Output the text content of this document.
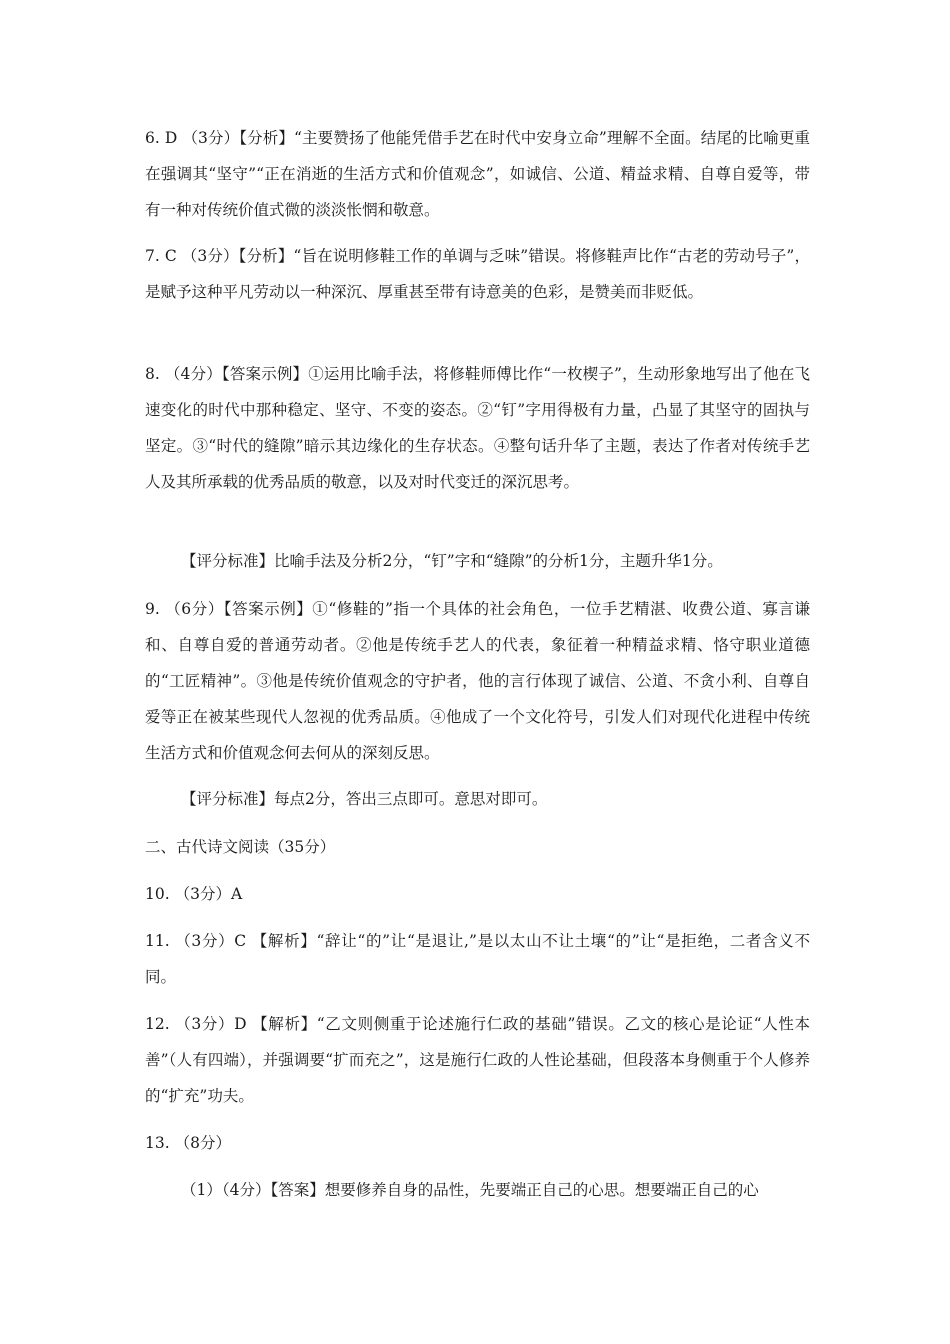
6. D （3分）【分析】“主要赞扬了他能凭借手艺在时代中安身立命”理解不全面。结尾的比喻更重在强调其“坚守”“正在消逝的生活方式和价值观念”，如诚信、公道、精益求精、自尊自爱等，带有一种对传统价值式微的淡淡怅惘和敬意。

7. C （3分）【分析】“旨在说明修鞋工作的单调与乏味”错误。将修鞋声比作“古老的劳动号子”，是赋予这种平凡劳动以一种深沉、厚重甚至带有诗意美的色彩，是赞美而非贬低。

8. （4分）【答案示例】①运用比喻手法，将修鞋师傅比作“一枚楔子”，生动形象地写出了他在飞速变化的时代中那种稳定、坚守、不变的姿态。②“钉”字用得极有力量，凸显了其坚守的固执与坚定。③“时代的缝隙”暗示其边缘化的生存状态。④整句话升华了主题，表达了作者对传统手艺人及其所承载的优秀品质的敬意，以及对时代变迁的深沉思考。

【评分标准】比喻手法及分析2分，“钉”字和“缝隙”的分析1分，主题升华1分。

9. （6分）【答案示例】①“修鞋的”指一个具体的社会角色，一位手艺精湛、收费公道、寡言谦和、自尊自爱的普通劳动者。②他是传统手艺人的代表，象征着一种精益求精、恪守职业道德的“工匠精神”。③他是传统价值观念的守护者，他的言行体现了诚信、公道、不贪小利、自尊自爱等正在被某些现代人忽视的优秀品质。④他成了一个文化符号，引发人们对现代化进程中传统生活方式和价值观念何去何从的深刻反思。

【评分标准】每点2分，答出三点即可。意思对即可。

二、古代诗文阅读（35分）

10. （3分）A

11. （3分）C 【解析】“辞让“的”让“是退让,”是以太山不让土壤“的”让“是拒绝，二者含义不同。

12. （3分）D 【解析】“乙文则侧重于论述施行仁政的基础”错误。乙文的核心是论证“人性本善”（人有四端），并强调要“扩而充之”，这是施行仁政的人性论基础，但段落本身侧重于个人修养的“扩充”功夫。

13. （8分）

（1）（4分）【答案】想要修养自身的品性，先要端正自己的心思。想要端正自己的心
